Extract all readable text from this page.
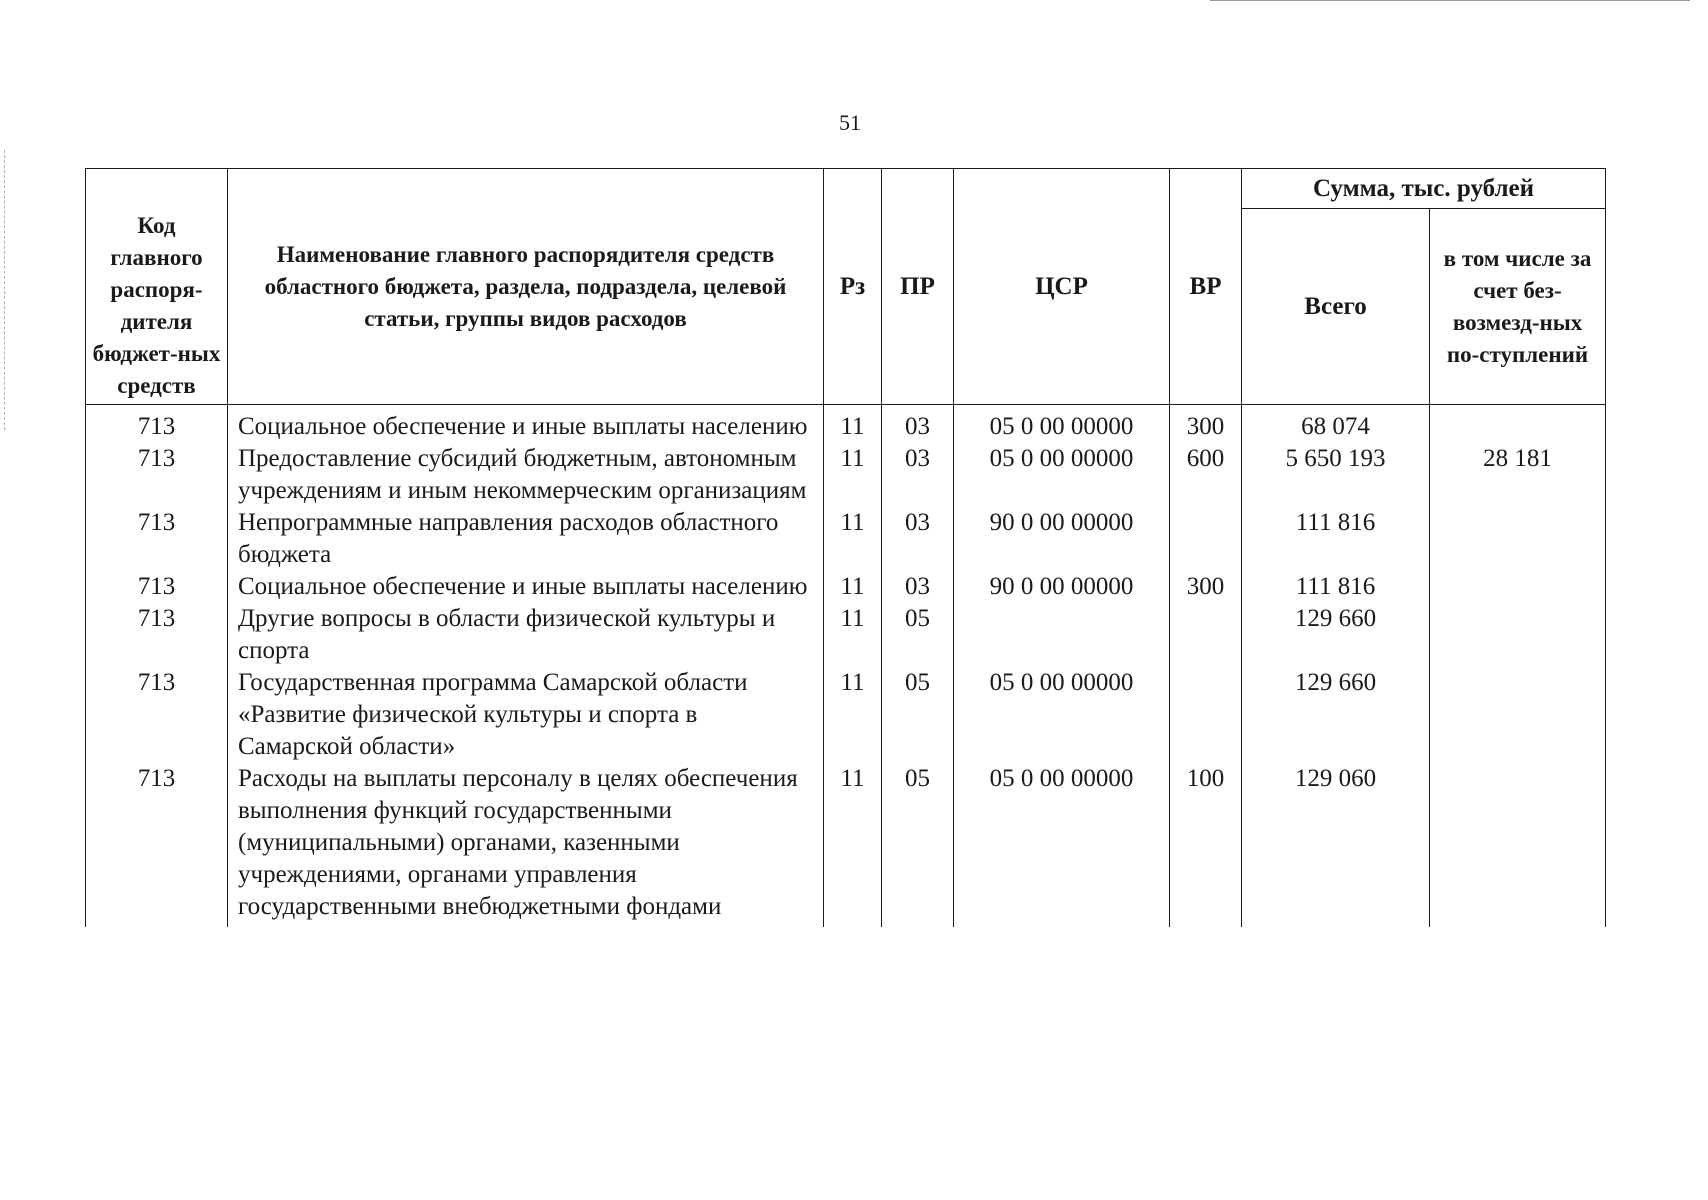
51
Код главного распоря-дителя бюджет-ных средств	Наименование главного распорядителя средств областного бюджета, раздела, подраздела, целевой статьи, группы видов расходов	Рз	ПР	ЦСР	ВР	Сумма, тыс. рублей	
						Всего	в том числе за счет без-возмезд-ных по-ступлений
713	Социальное обеспечение и иные выплаты населению	11	03	05 0 00 00000	300	68 074	
713	Предоставление субсидий бюджетным, автономным учреждениям и иным некоммерческим организациям	11	03	05 0 00 00000	600	5 650 193	28 181
713	Непрограммные направления расходов областного бюджета	11	03	90 0 00 00000		111 816	
713	Социальное обеспечение и иные выплаты населению	11	03	90 0 00 00000	300	111 816	
713	Другие вопросы в области физической культуры и спорта	11	05			129 660	
713	Государственная программа Самарской области «Развитие физической культуры и спорта в Самарской области»	11	05	05 0 00 00000		129 660	
713	Расходы на выплаты персоналу в целях обеспечения выполнения функций государственными (муниципальными) органами, казенными учреждениями, органами управления государственными внебюджетными фондами	11	05	05 0 00 00000	100	129 060	
